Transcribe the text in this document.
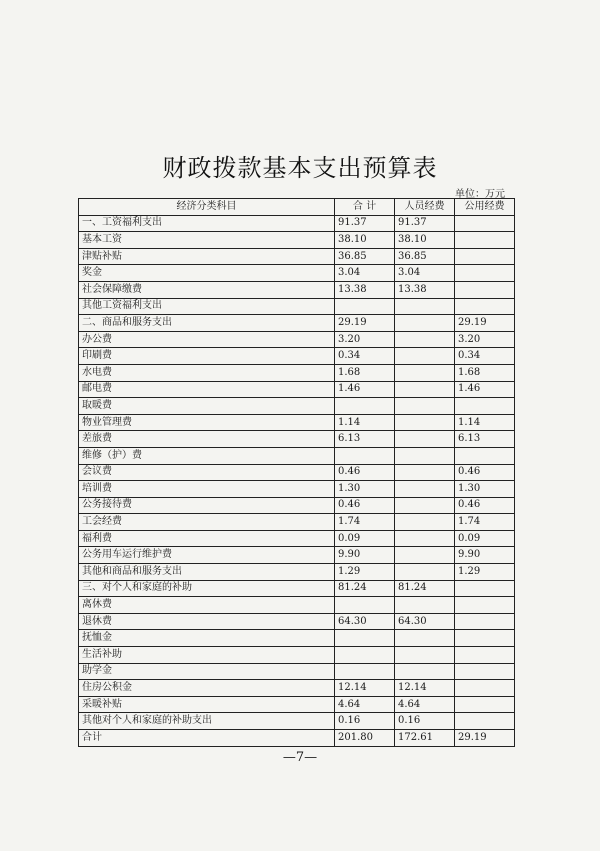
财政拨款基本支出预算表
单位：万元
经济分类科目	合 计	人员经费	公用经费
一、工资福利支出	91.37	91.37	
基本工资	38.10	38.10	
津贴补贴	36.85	36.85	
奖金	3.04	3.04	
社会保障缴费	13.38	13.38	
其他工资福利支出			
二、商品和服务支出	29.19		29.19
办公费	3.20		3.20
印刷费	0.34		0.34
水电费	1.68		1.68
邮电费	1.46		1.46
取暖费			
物业管理费	1.14		1.14
差旅费	6.13		6.13
维修（护）费			
会议费	0.46		0.46
培训费	1.30		1.30
公务接待费	0.46		0.46
工会经费	1.74		1.74
福利费	0.09		0.09
公务用车运行维护费	9.90		9.90
其他和商品和服务支出	1.29		1.29
三、对个人和家庭的补助	81.24	81.24	
离休费			
退休费	64.30	64.30	
抚恤金			
生活补助			
助学金			
住房公积金	12.14	12.14	
采暖补贴	4.64	4.64	
其他对个人和家庭的补助支出	0.16	0.16	
合计	201.80	172.61	29.19
—7—
